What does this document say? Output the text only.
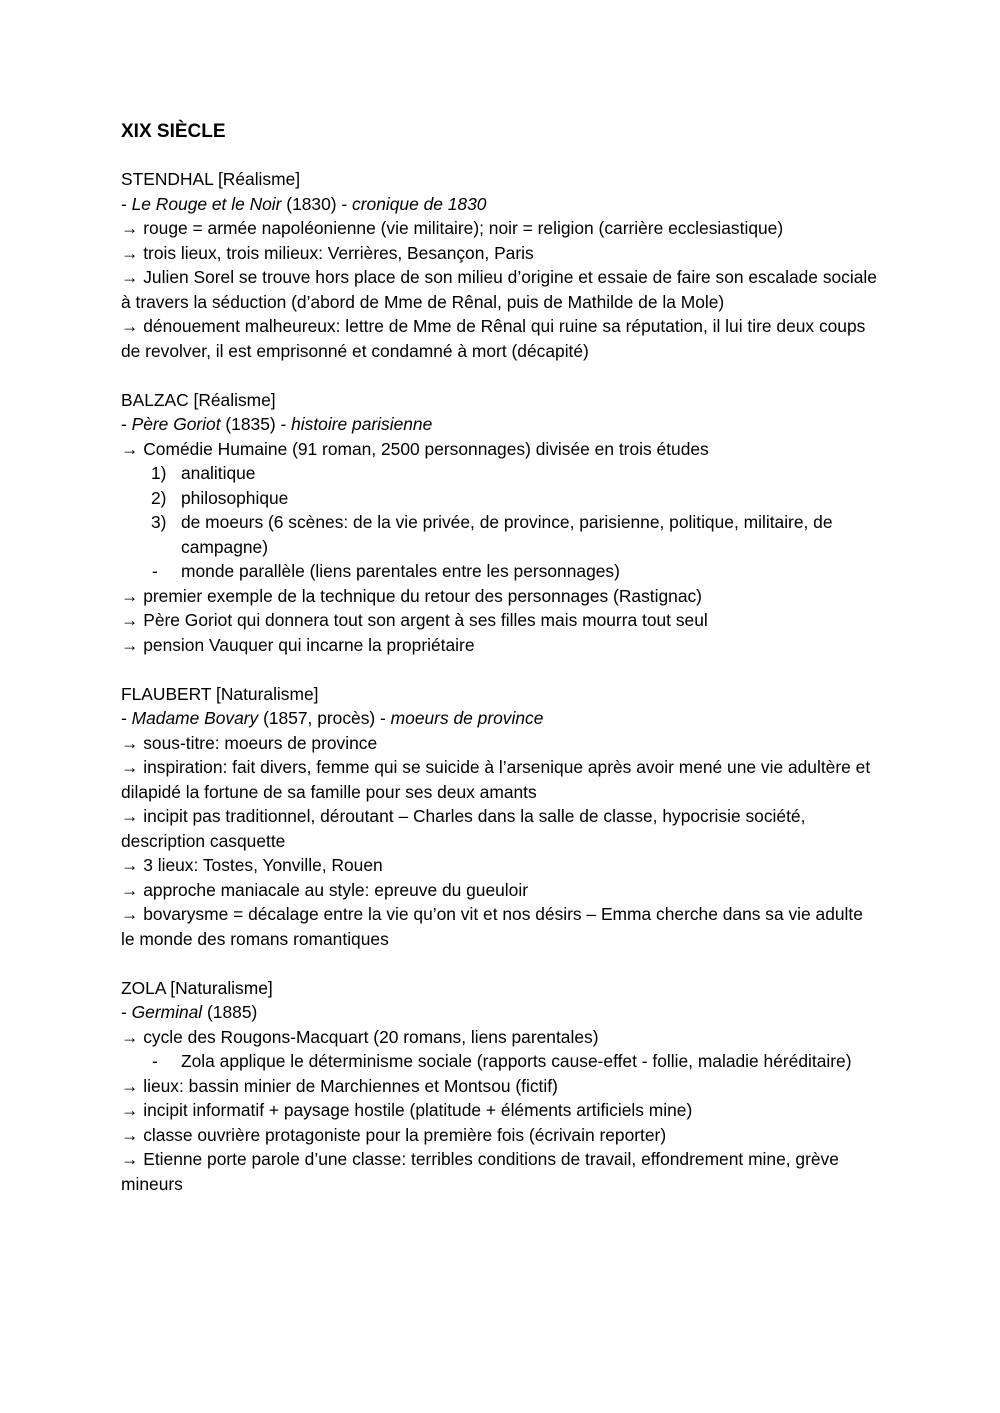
XIX SIÈCLE

STENDHAL [Réalisme]

- Le Rouge et le Noir (1830) - cronique de 1830

→ rouge = armée napoléonienne (vie militaire); noir = religion (carrière ecclesiastique)

→ trois lieux, trois milieux: Verrières, Besançon, Paris

→ Julien Sorel se trouve hors place de son milieu d’origine et essaie de faire son escalade sociale à travers la séduction (d’abord de Mme de Rênal, puis de Mathilde de la Mole)

→ dénouement malheureux: lettre de Mme de Rênal qui ruine sa réputation, il lui tire deux coups de revolver, il est emprisonné et condamné à mort (décapité)

BALZAC [Réalisme]

- Père Goriot (1835) - histoire parisienne

→ Comédie Humaine (91 roman, 2500 personnages) divisée en trois études

1) analitique
2) philosophique
3) de moeurs (6 scènes: de la vie privée, de province, parisienne, politique, militaire, de campagne)
- monde parallèle (liens parentales entre les personnages)

→ premier exemple de la technique du retour des personnages (Rastignac)

→ Père Goriot qui donnera tout son argent à ses filles mais mourra tout seul

→ pension Vauquer qui incarne la propriétaire

FLAUBERT [Naturalisme]

- Madame Bovary (1857, procès) - moeurs de province

→ sous-titre: moeurs de province

→ inspiration: fait divers, femme qui se suicide à l’arsenique après avoir mené une vie adultère et dilapidé la fortune de sa famille pour ses deux amants

→ incipit pas traditionnel, déroutant – Charles dans la salle de classe, hypocrisie société, description casquette

→ 3 lieux: Tostes, Yonville, Rouen

→ approche maniacale au style: epreuve du gueuloir

→ bovarysme = décalage entre la vie qu’on vit et nos désirs – Emma cherche dans sa vie adulte le monde des romans romantiques

ZOLA [Naturalisme]

- Germinal (1885)

→ cycle des Rougons-Macquart (20 romans, liens parentales)

- Zola applique le déterminisme sociale (rapports cause-effet - follie, maladie héréditaire)

→ lieux: bassin minier de Marchiennes et Montsou (fictif)

→ incipit informatif + paysage hostile (platitude + éléments artificiels mine)

→ classe ouvrière protagoniste pour la première fois (écrivain reporter)

→ Etienne porte parole d’une classe: terribles conditions de travail, effondrement mine, grève mineurs
